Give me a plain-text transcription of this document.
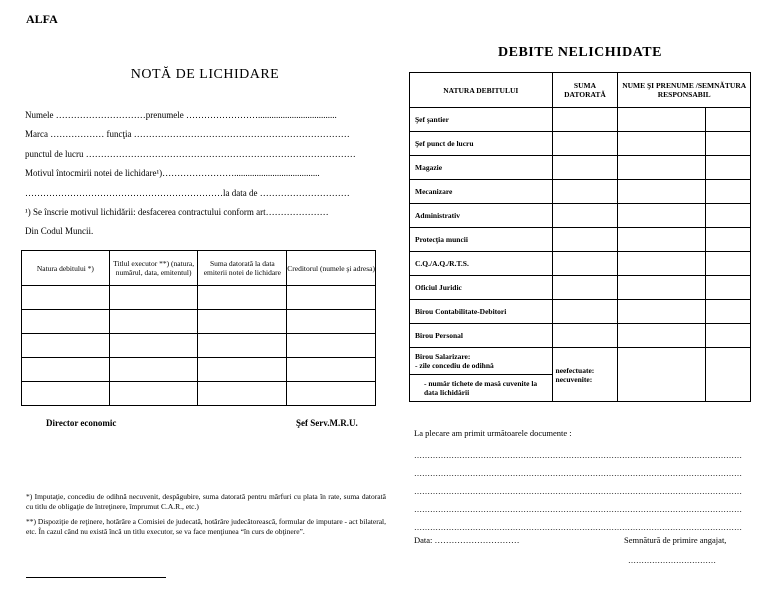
ALFA
NOTĂ DE LICHIDARE
Numele …………………………prenumele ……………………...................................
Marca ……………… funcţia ………………………………………………………………
punctul de lucru ………………………………………………………………………………
Motivul întocmirii notei de lichidare¹)……………………......................................
…………………………………………………………la data de …………………………
¹) Se înscrie motivul lichidării: desfacerea contractului conform art…………………
Din Codul Muncii.
Natura debitului *)	Titlul executor **) (natura, numărul, data, emitentul)	Suma datorată la data emiterii notei de lichidare	Creditorul (numele şi adresa)

Director economic	Şef Serv.M.R.U.

*) Imputaţie, concediu de odihnă necuvenit, despăgubire, suma datorată pentru mărfuri cu plata în rate, suma datorată cu titlu de obligaţie de întreţinere, împrumut C.A.R., etc.)

**) Dispoziţie de reţinere, hotărâre a Comisiei de judecată, hotărâre judecătorească, formular de imputare - act bilateral, etc. În cazul când nu există încă un titlu executor, se va face menţiunea “în curs de obţinere”.

DEBITE NELICHIDATE
NATURA DEBITULUI	SUMA DATORATĂ	NUME ŞI PRENUME /SEMNĂTURA RESPONSABIL	
Şef şantier			
Şef punct de lucru			
Magazie			
Mecanizare			
Administrativ			
Protecţia muncii			
C.Q./A.Q./R.T.S.			
Oficiul Juridic			
Birou Contabilitate-Debitori			
Birou Personal			
Birou Salarizare:
- zile concediu de odihnă	neefectuate: necuvenite:		
- număr tichete de masă cuvenite la data lichidării			
La plecare am primit următoarele documente :
……………………………………………………………………………………………………………
……………………………………………………………………………………………………………
……………………………………………………………………………………………………………
……………………………………………………………………………………………………………
……………………………………………………………………………………………………………
Data: …………………………	Semnătură de primire angajat,
……………………………
